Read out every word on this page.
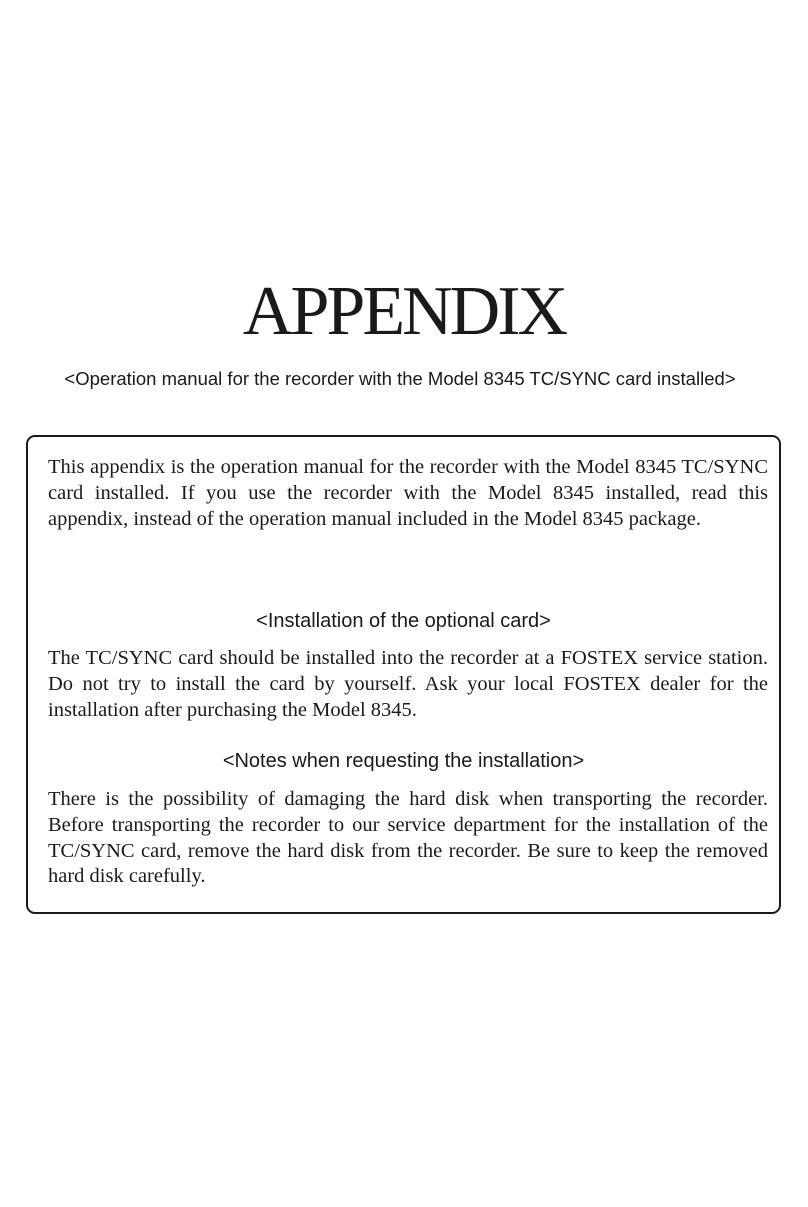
APPENDIX

<Operation manual for the recorder with the Model 8345 TC/SYNC card installed>

This appendix is the operation manual for the recorder with the Model 8345 TC/SYNC card installed. If you use the recorder with the Model 8345 installed, read this appendix, instead of the operation manual included in the Model 8345 package.

<Installation of the optional card>

The TC/SYNC card should be installed into the recorder at a FOSTEX service station. Do not try to install the card by yourself. Ask your local FOSTEX dealer for the installation after purchasing the Model 8345.

<Notes when requesting the installation>

There is the possibility of damaging the hard disk when transporting the recorder. Before transporting the recorder to our service department for the installation of the TC/SYNC card, remove the hard disk from the recorder. Be sure to keep the removed hard disk carefully.
